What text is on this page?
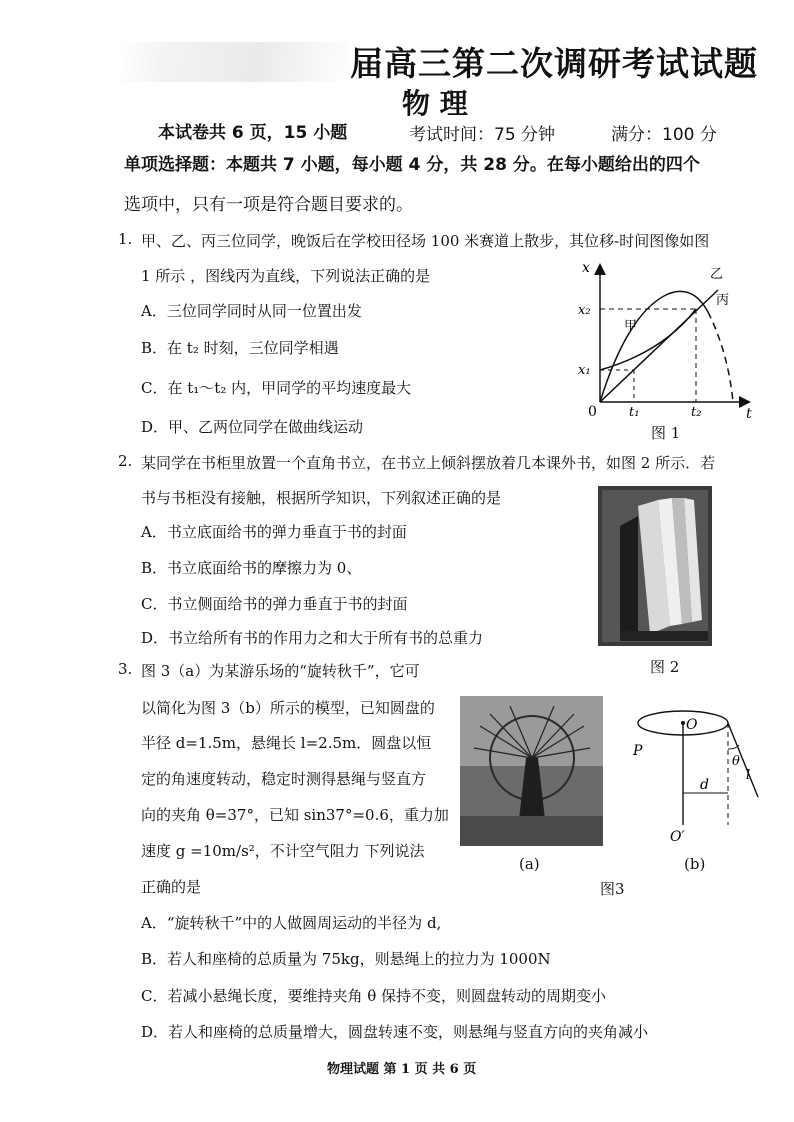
届高三第二次调研考试试题
物 理
本试卷共 6 页，15 小题	考试时间：75 分钟	满分：100 分
单项选择题：本题共 7 小题，每小题 4 分，共 28 分。在每小题给出的四个
选项中，只有一项是符合题目要求的。
1. 甲、乙、丙三位同学，晚饭后在学校田径场 100 米赛道上散步，其位移-时间图像如图
1 所示 ，图线丙为直线，下列说法正确的是
A．三位同学同时从同一位置出发
B．在 t₂ 时刻，三位同学相遇
C．在 t₁～t₂ 内，甲同学的平均速度最大
D．甲、乙两位同学在做曲线运动
x
t
0
x₁
x₂
t₁	t₂
甲
乙
丙
图 1
2. 某同学在书柜里放置一个直角书立，在书立上倾斜摆放着几本课外书，如图 2 所示．若
书与书柜没有接触，根据所学知识，下列叙述正确的是
A．书立底面给书的弹力垂直于书的封面
B．书立底面给书的摩擦力为 0、
C．书立侧面给书的弹力垂直于书的封面
D．书立给所有书的作用力之和大于所有书的总重力
图 2
3. 图 3（a）为某游乐场的“旋转秋千”，它可
以简化为图 3（b）所示的模型，已知圆盘的
半径 d=1.5m，悬绳长 l=2.5m．圆盘以恒
定的角速度转动，稳定时测得悬绳与竖直方
向的夹角 θ=37°，已知 sin37°=0.6，重力加
速度 g =10m/s²，不计空气阻力 下列说法
正确的是
(a)
P
O
O′
θ
d
l
(b)
图3
A．“旋转秋千”中的人做圆周运动的半径为 d,
B．若人和座椅的总质量为 75kg，则悬绳上的拉力为 1000N
C．若减小悬绳长度，要维持夹角 θ 保持不变，则圆盘转动的周期变小
D．若人和座椅的总质量增大，圆盘转速不变，则悬绳与竖直方向的夹角减小
物理试题 第 1 页 共 6 页
